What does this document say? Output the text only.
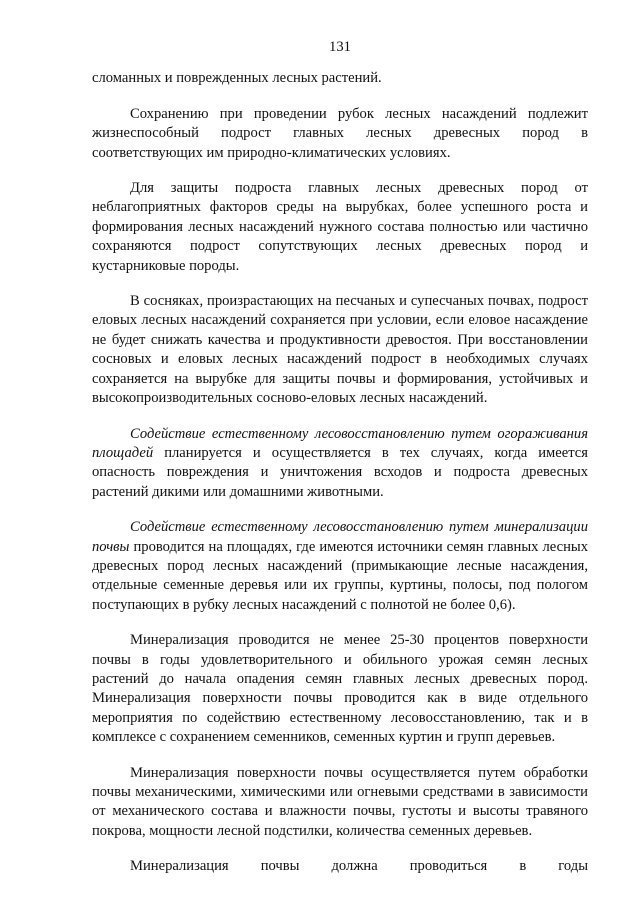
131

сломанных и поврежденных лесных растений.

Сохранению при проведении рубок лесных насаждений подлежит жизнеспособный подрост главных лесных древесных пород в соответствующих им природно-климатических условиях.

Для защиты подроста главных лесных древесных пород от неблагоприятных факторов среды на вырубках, более успешного роста и формирования лесных насаждений нужного состава полностью или частично сохраняются подрост сопутствующих лесных древесных пород и кустарниковые породы.

В сосняках, произрастающих на песчаных и супесчаных почвах, подрост еловых лесных насаждений сохраняется при условии, если еловое насаждение не будет снижать качества и продуктивности древостоя. При восстановлении сосновых и еловых лесных насаждений подрост в необходимых случаях сохраняется на вырубке для защиты почвы и формирования, устойчивых и высокопроизводительных сосново-еловых лесных насаждений.

Содействие естественному лесовосстановлению путем огораживания площадей планируется и осуществляется в тех случаях, когда имеется опасность повреждения и уничтожения всходов и подроста древесных растений дикими или домашними животными.

Содействие естественному лесовосстановлению путем минерализации почвы проводится на площадях, где имеются источники семян главных лесных древесных пород лесных насаждений (примыкающие лесные насаждения, отдельные семенные деревья или их группы, куртины, полосы, под пологом поступающих в рубку лесных насаждений с полнотой не более 0,6).

Минерализация проводится не менее 25-30 процентов поверхности почвы в годы удовлетворительного и обильного урожая семян лесных растений до начала опадения семян главных лесных древесных пород. Минерализация поверхности почвы проводится как в виде отдельного мероприятия по содействию естественному лесовосстановлению, так и в комплексе с сохранением семенников, семенных куртин и групп деревьев.

Минерализация поверхности почвы осуществляется путем обработки почвы механическими, химическими или огневыми средствами в зависимости от механического состава и влажности почвы, густоты и высоты травяного покрова, мощности лесной подстилки, количества семенных деревьев.

Минерализация почвы должна проводиться в годы
